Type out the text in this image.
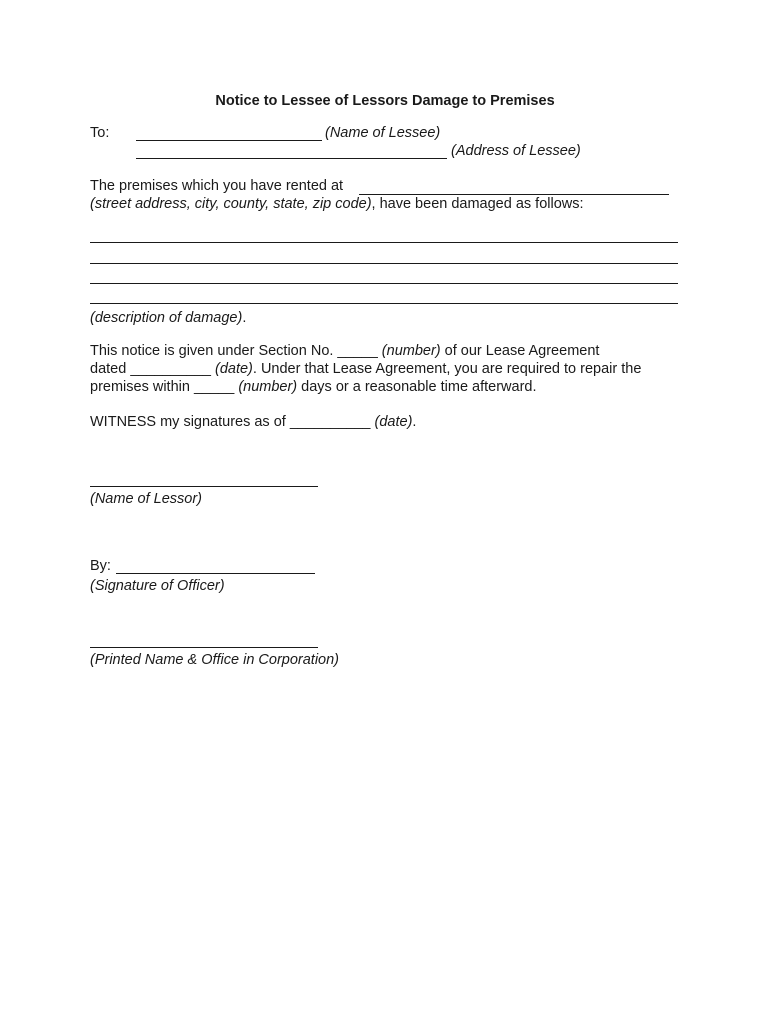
Notice to Lessee of Lessors Damage to Premises
To:	(Name of Lessee)
(Address of Lessee)
The premises which you have rented at
(street address, city, county, state, zip code), have been damaged as follows:
(description of damage).
This notice is given under Section No. _____ (number) of our Lease Agreement
dated __________ (date). Under that Lease Agreement, you are required to repair the
premises within _____ (number) days or a reasonable time afterward.
WITNESS my signatures as of __________ (date).
(Name of Lessor)
By:
(Signature of Officer)
(Printed Name & Office in Corporation)
